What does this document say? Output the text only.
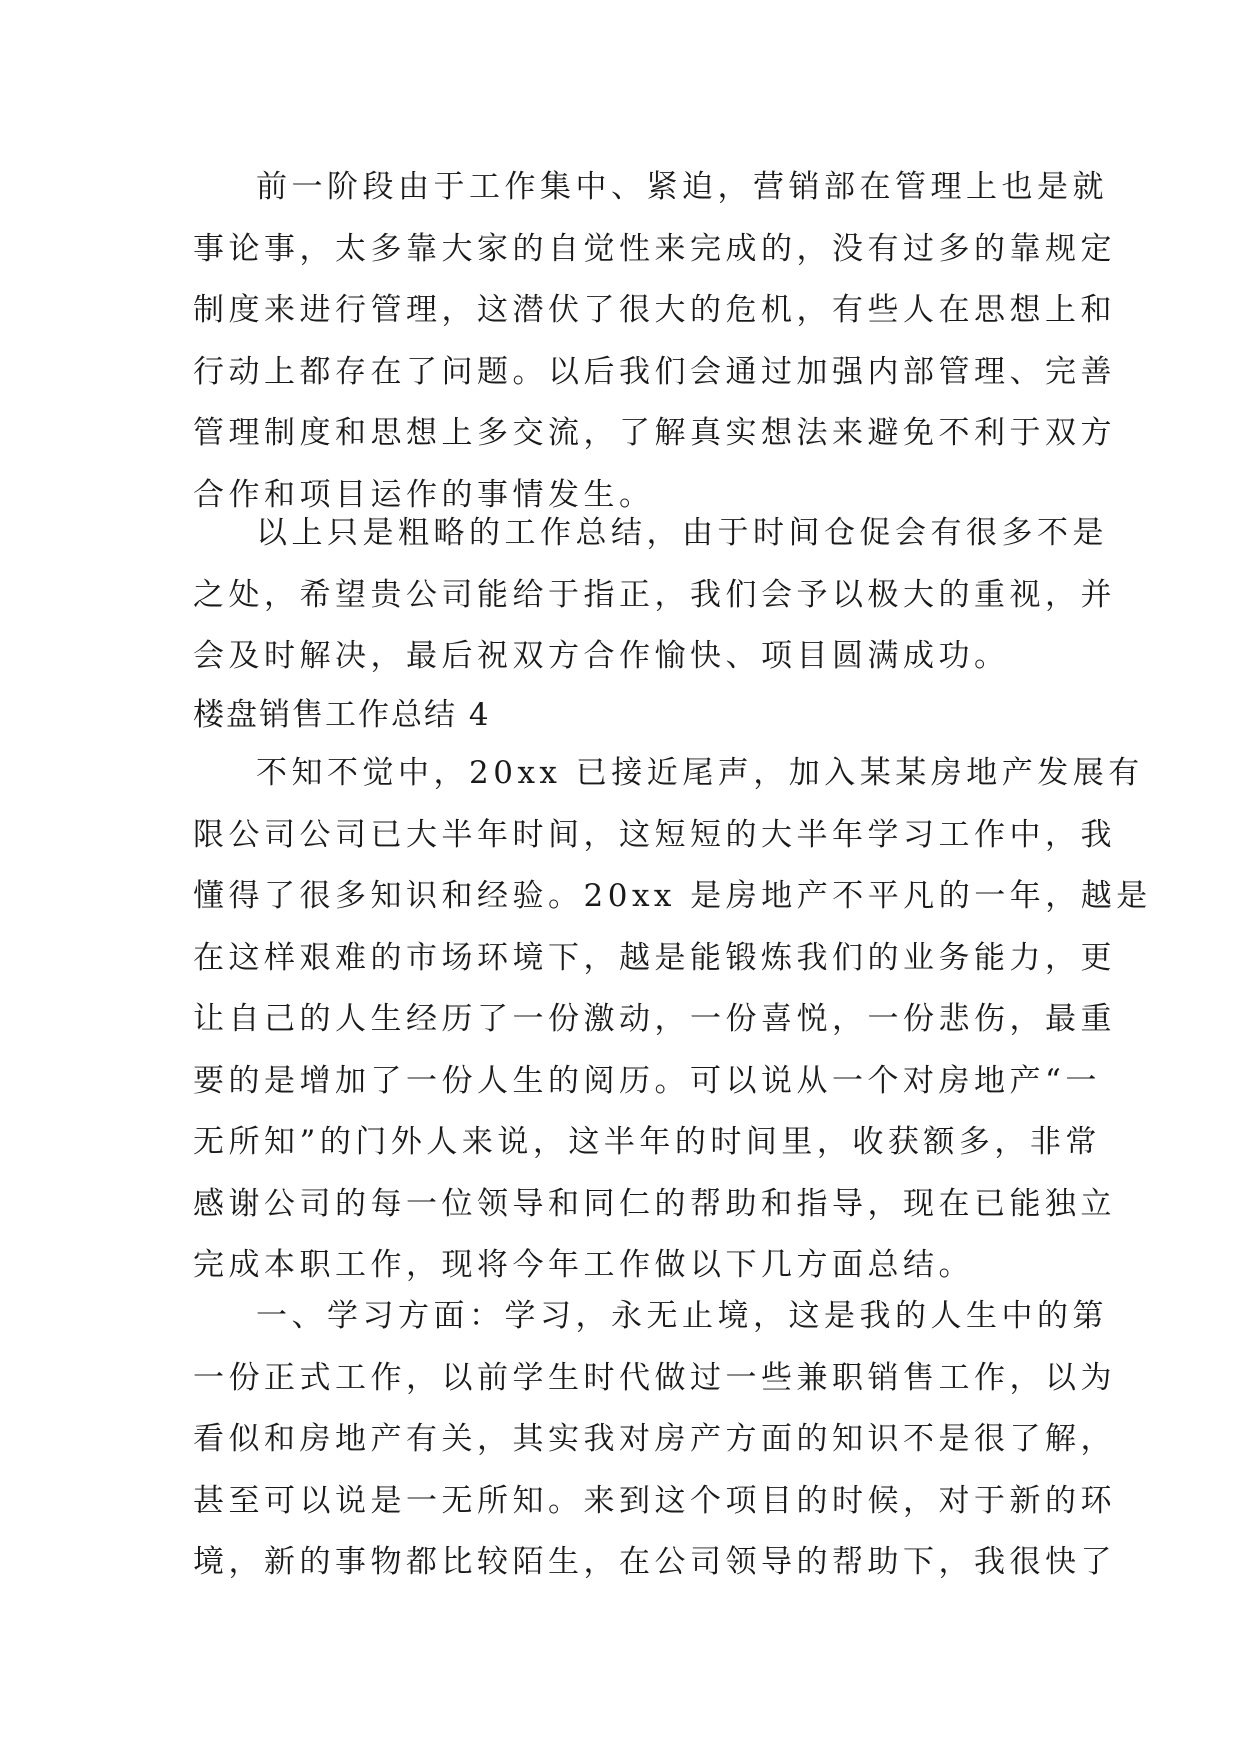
前一阶段由于工作集中、紧迫，营销部在管理上也是就
事论事，太多靠大家的自觉性来完成的，没有过多的靠规定
制度来进行管理，这潜伏了很大的危机，有些人在思想上和
行动上都存在了问题。以后我们会通过加强内部管理、完善
管理制度和思想上多交流，了解真实想法来避免不利于双方
合作和项目运作的事情发生。
以上只是粗略的工作总结，由于时间仓促会有很多不是
之处，希望贵公司能给于指正，我们会予以极大的重视，并
会及时解决，最后祝双方合作愉快、项目圆满成功。
楼盘销售工作总结 4
不知不觉中，20xx 已接近尾声，加入某某房地产发展有
限公司公司已大半年时间，这短短的大半年学习工作中，我
懂得了很多知识和经验。20xx 是房地产不平凡的一年，越是
在这样艰难的市场环境下，越是能锻炼我们的业务能力，更
让自己的人生经历了一份激动，一份喜悦，一份悲伤，最重
要的是增加了一份人生的阅历。可以说从一个对房地产“一
无所知”的门外人来说，这半年的时间里，收获额多，非常
感谢公司的每一位领导和同仁的帮助和指导，现在已能独立
完成本职工作，现将今年工作做以下几方面总结。
一、学习方面：学习，永无止境，这是我的人生中的第
一份正式工作，以前学生时代做过一些兼职销售工作，以为
看似和房地产有关，其实我对房产方面的知识不是很了解，
甚至可以说是一无所知。来到这个项目的时候，对于新的环
境，新的事物都比较陌生，在公司领导的帮助下，我很快了
